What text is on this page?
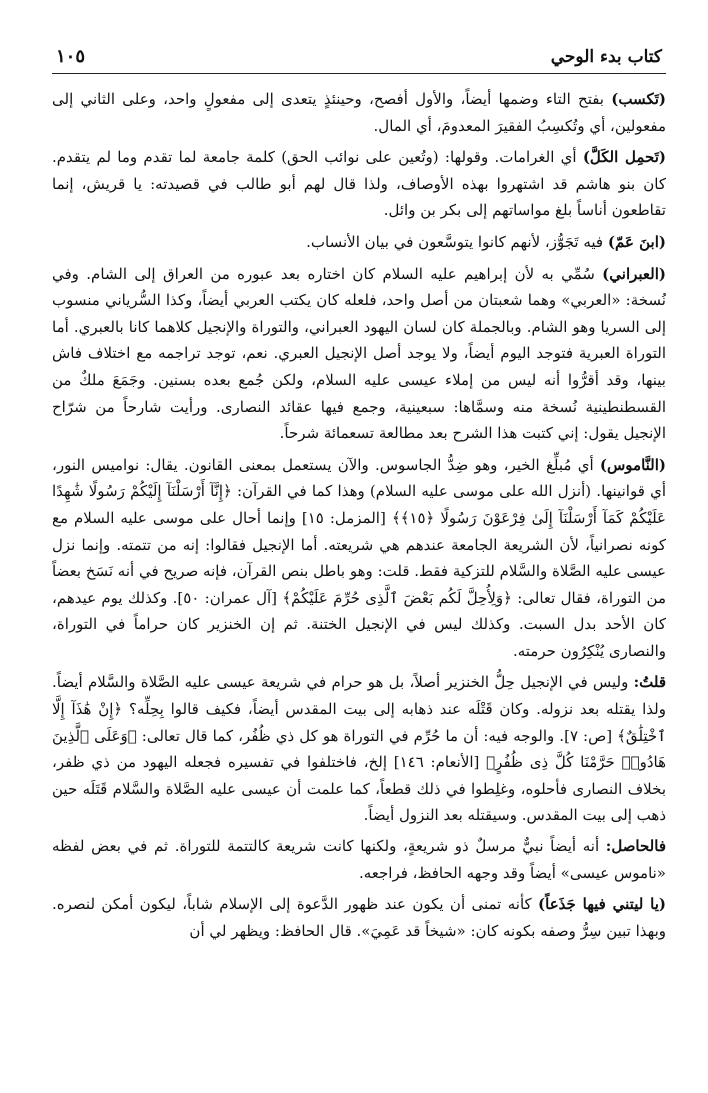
كتاب بدء الوحي
١٠٥

(تَكسب) بفتح التاء وضمها أيضاً، والأول أفصح، وحينئذٍ يتعدى إلى مفعولٍ واحد، وعلى الثاني إلى مفعولين، أي وتُكسِبُ الفقيرَ المعدومَ، أي المال.

(تَحمِل الكَلَّ) أي الغرامات. وقولها: (وتُعين على نوائب الحق) كلمة جامعة لما تقدم وما لم يتقدم. كان بنو هاشم قد اشتهروا بهذه الأوصاف، ولذا قال لهم أبو طالب في قصيدته: يا قريش، إنما تقاطعون أناساً بلغ مواساتهم إلى بكر بن وائل.

(ابنَ عَمّ) فيه تَجَوُّز، لأنهم كانوا يتوسَّعون في بيان الأنساب.

(العبراني) سُمِّي به لأن إبراهيم عليه السلام كان اختاره بعد عبوره من العراق إلى الشام. وفي نُسخة: «العربي» وهما شعبتان من أصل واحد، فلعله كان يكتب العربي أيضاً، وكذا السُّرياني منسوب إلى السريا وهو الشام. وبالجملة كان لسان اليهود العبراني، والتوراة والإنجيل كلاهما كانا بالعبري. أما التوراة العبرية فتوجد اليوم أيضاً، ولا يوجد أصل الإنجيل العبري. نعم، توجد تراجمه مع اختلاف فاش بينها، وقد أقرُّوا أنه ليس من إملاء عيسى عليه السلام، ولكن جُمع بعده بسنين. وجَمَعَ ملكٌ من القسطنطينية نُسخة منه وسمَّاها: سبعينية، وجمع فيها عقائد النصارى. ورأيت شارحاً من شرّاح الإنجيل يقول: إني كتبت هذا الشرح بعد مطالعة تسعمائة شرحاً.

(النَّاموس) أي مُبلِّغ الخير، وهو ضِدُّ الجاسوس. والآن يستعمل بمعنى القانون. يقال: نواميس النور، أي قوانينها. (أنزل الله على موسى عليه السلام) وهذا كما في القرآن: ﴿إِنَّآ أَرْسَلْنَآ إِلَيْكُمْ رَسُولًا شَٰهِدًا عَلَيْكُمْ كَمَآ أَرْسَلْنَآ إِلَىٰ فِرْعَوْنَ رَسُولًا ﴿١٥﴾﴾ [المزمل: ١٥] وإنما أحال على موسى عليه السلام مع كونه نصرانياً، لأن الشريعة الجامعة عندهم هي شريعته. أما الإنجيل فقالوا: إنه من تتمته. وإنما نزل عيسى عليه الصَّلاة والسَّلام للتزكية فقط. قلت: وهو باطل بنص القرآن، فإنه صريح في أنه نَسَخ بعضاً من التوراة، فقال تعالى: ﴿وَلِأُحِلَّ لَكُم بَعْضَ ٱلَّذِى حُرِّمَ عَلَيْكُمْ﴾ [آل عمران: ٥٠]. وكذلك يوم عيدهم، كان الأحد بدل السبت. وكذلك ليس في الإنجيل الختنة. ثم إن الخنزير كان حراماً في التوراة، والنصارى يُنْكِرُون حرمته.

قلتُ: وليس في الإنجيل حِلُّ الخنزير أصلاً، بل هو حرام في شريعة عيسى عليه الصَّلاة والسَّلام أيضاً. ولذا يقتله بعد نزوله. وكان قَتْلَه عند ذهابه إلى بيت المقدس أيضاً، فكيف قالوا بِحِلِّه؟ ﴿إِنْ هَٰذَآ إِلَّا ٱخْتِلَٰقٌ﴾ [ص: ٧]. والوجه فيه: أن ما حُرِّم في التوراة هو كل ذي ظُفُر، كما قال تعالى: ﴿وَعَلَى ٱلَّذِينَ هَادُوا۟ حَرَّمْنَا كُلَّ ذِى ظُفُرٍ﴾ [الأنعام: ١٤٦] إلخ، فاختلفوا في تفسيره فجعله اليهود من ذي ظفر، بخلاف النصارى فأحلوه، وغلِطوا في ذلك قطعاً، كما علمت أن عيسى عليه الصَّلاة والسَّلام قَتَلَه حين ذهب إلى بيت المقدس. وسيقتله بعد النزول أيضاً.

فالحاصل: أنه أيضاً نبيٌّ مرسلٌ ذو شريعةٍ، ولكنها كانت شريعة كالتتمة للتوراة. ثم في بعض لفظه «ناموس عيسى» أيضاً وقد وجهه الحافظ، فراجعه.

(يا ليتني فيها جَذَعاً) كأنه تمنى أن يكون عند ظهور الدَّعوة إلى الإسلام شاباً، ليكون أمكن لنصره. وبهذا تبين سِرُّ وصفه بكونه كان: «شيخاً قد عَمِيَ». قال الحافظ: ويظهر لي أن
